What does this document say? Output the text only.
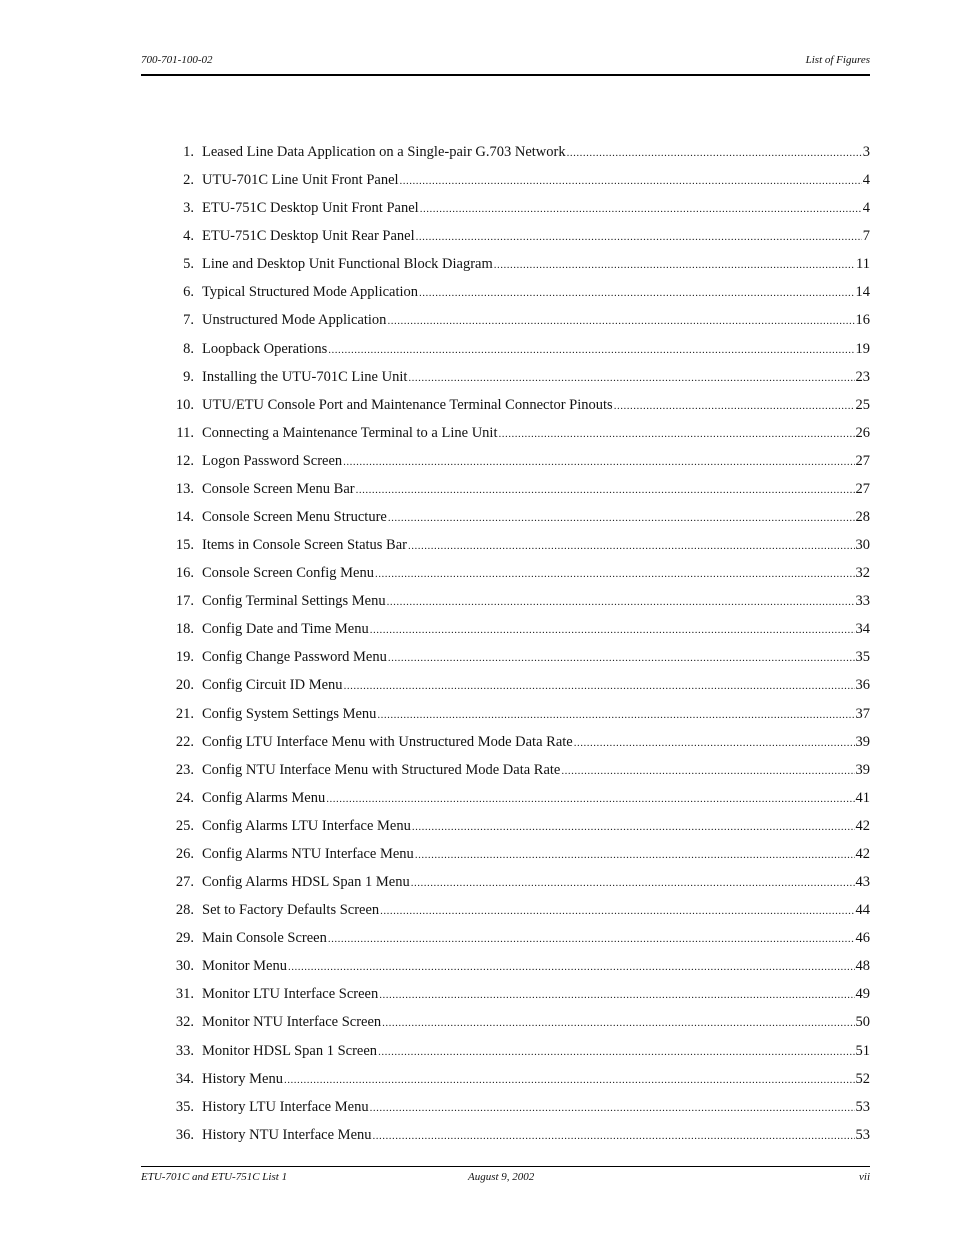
700-701-100-02	List of Figures
1. Leased Line Data Application on a Single-pair G.703 Network .....	3
2. UTU-701C Line Unit Front Panel .....	4
3. ETU-751C Desktop Unit Front Panel .....	4
4. ETU-751C Desktop Unit Rear Panel .....	7
5. Line and Desktop Unit Functional Block Diagram .....	11
6. Typical Structured Mode Application .....	14
7. Unstructured Mode Application .....	16
8. Loopback Operations .....	19
9. Installing the UTU-701C Line Unit .....	23
10. UTU/ETU Console Port and Maintenance Terminal Connector Pinouts .....	25
11. Connecting a Maintenance Terminal to a Line Unit .....	26
12. Logon Password Screen .....	27
13. Console Screen Menu Bar .....	27
14. Console Screen Menu Structure .....	28
15. Items in Console Screen Status Bar .....	30
16. Console Screen Config Menu .....	32
17. Config Terminal Settings Menu .....	33
18. Config Date and Time Menu .....	34
19. Config Change Password Menu .....	35
20. Config Circuit ID Menu .....	36
21. Config System Settings Menu .....	37
22. Config LTU Interface Menu with Unstructured Mode Data Rate .....	39
23. Config NTU Interface Menu with Structured Mode Data Rate .....	39
24. Config Alarms Menu .....	41
25. Config Alarms LTU Interface Menu .....	42
26. Config Alarms NTU Interface Menu .....	42
27. Config Alarms HDSL Span 1 Menu .....	43
28. Set to Factory Defaults Screen .....	44
29. Main Console Screen .....	46
30. Monitor Menu .....	48
31. Monitor LTU Interface Screen .....	49
32. Monitor NTU Interface Screen .....	50
33. Monitor HDSL Span 1 Screen .....	51
34. History Menu .....	52
35. History LTU Interface Menu .....	53
36. History NTU Interface Menu .....	53
ETU-701C and ETU-751C List 1	August 9, 2002	vii
